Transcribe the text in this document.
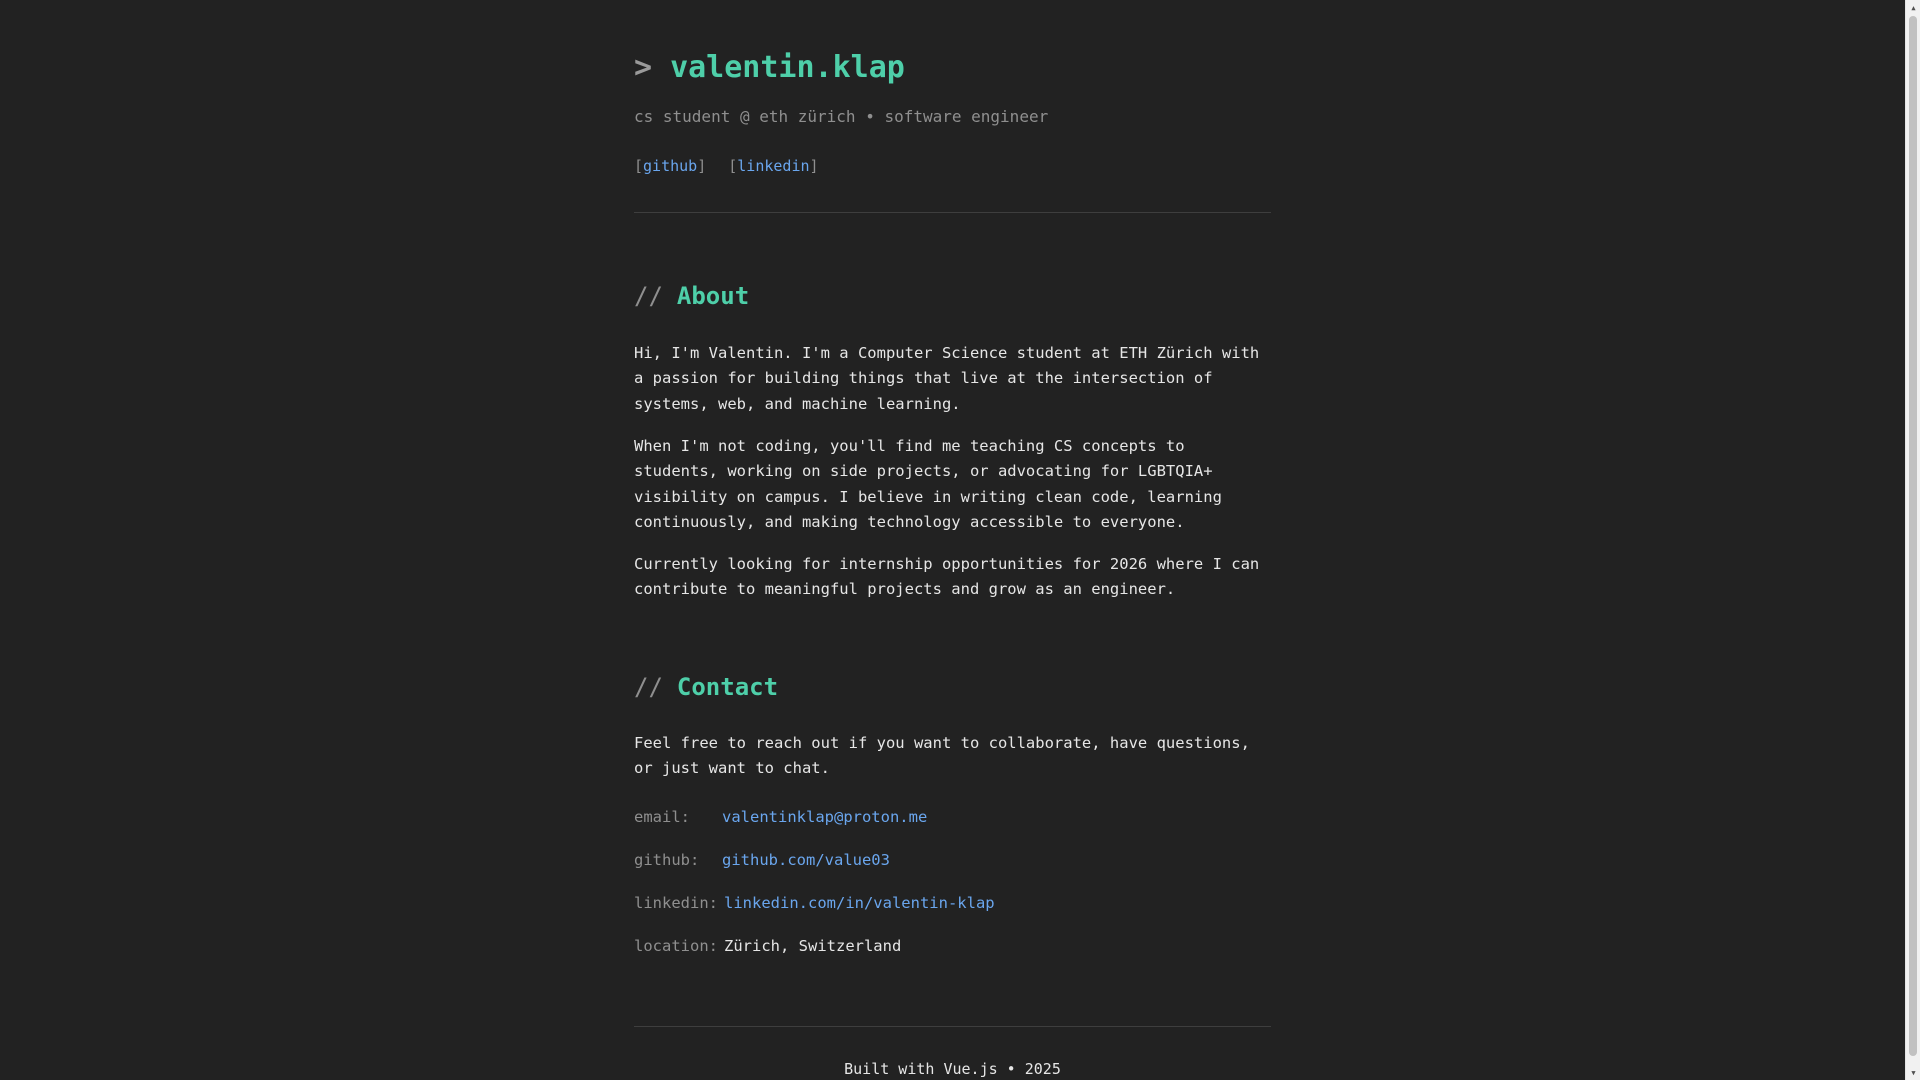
> valentin.klap
cs student @ eth zürich • software engineer
[github] [linkedin]
// About

Hi, I'm Valentin. I'm a Computer Science student at ETH Zürich with a passion for building things that live at the intersection of systems, web, and machine learning.

When I'm not coding, you'll find me teaching CS concepts to students, working on side projects, or advocating for LGBTQIA+ visibility on campus. I believe in writing clean code, learning continuously, and making technology accessible to everyone.

Currently looking for internship opportunities for 2026 where I can contribute to meaningful projects and grow as an engineer.

// Contact

Feel free to reach out if you want to collaborate, have questions, or just want to chat.

email: valentinklap@proton.me
github: github.com/value03
linkedin: linkedin.com/in/valentin-klap
location: Zürich, Switzerland
Built with Vue.js • 2025
▲
▼
